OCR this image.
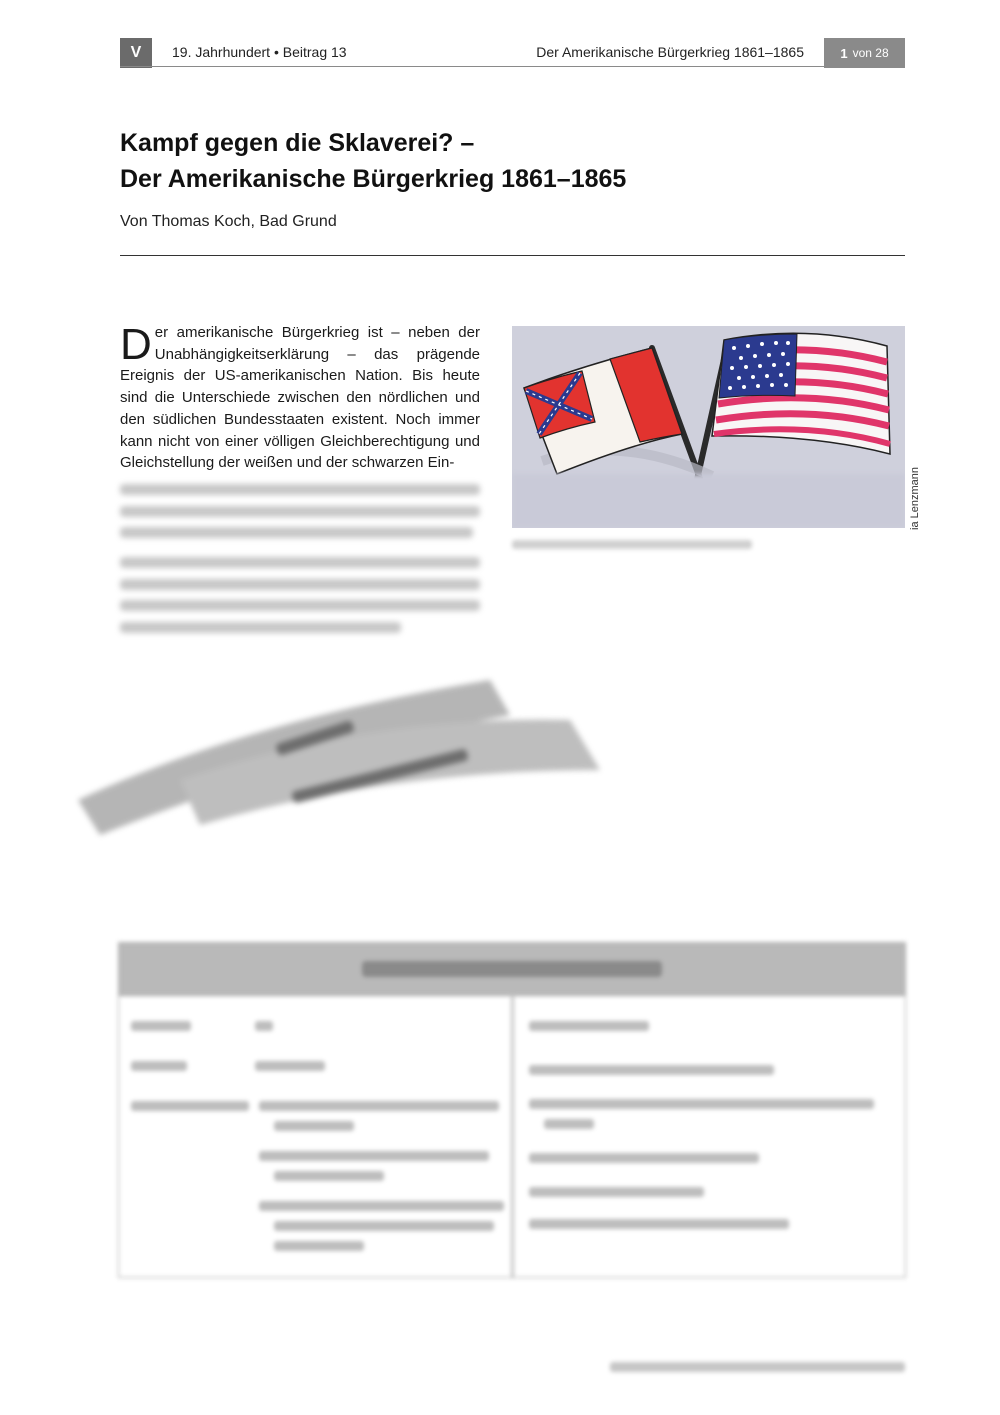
V	19. Jahrhundert • Beitrag 13	Der Amerikanische Bürgerkrieg 1861–1865	1 von 28
Kampf gegen die Sklaverei? –
Der Amerikanische Bürgerkrieg 1861–1865
Von Thomas Koch, Bad Grund

Der amerikanische Bürgerkrieg ist – neben der Unabhängigkeitserklärung – das prägende Ereignis der US-amerikanischen Nation. Bis heute sind die Unterschiede zwischen den nördlichen und den südlichen Bundesstaaten existent. Noch immer kann nicht von einer völligen Gleichberechtigung und Gleichstellung der weißen und der schwarzen Ein-

ia Lenzmann
